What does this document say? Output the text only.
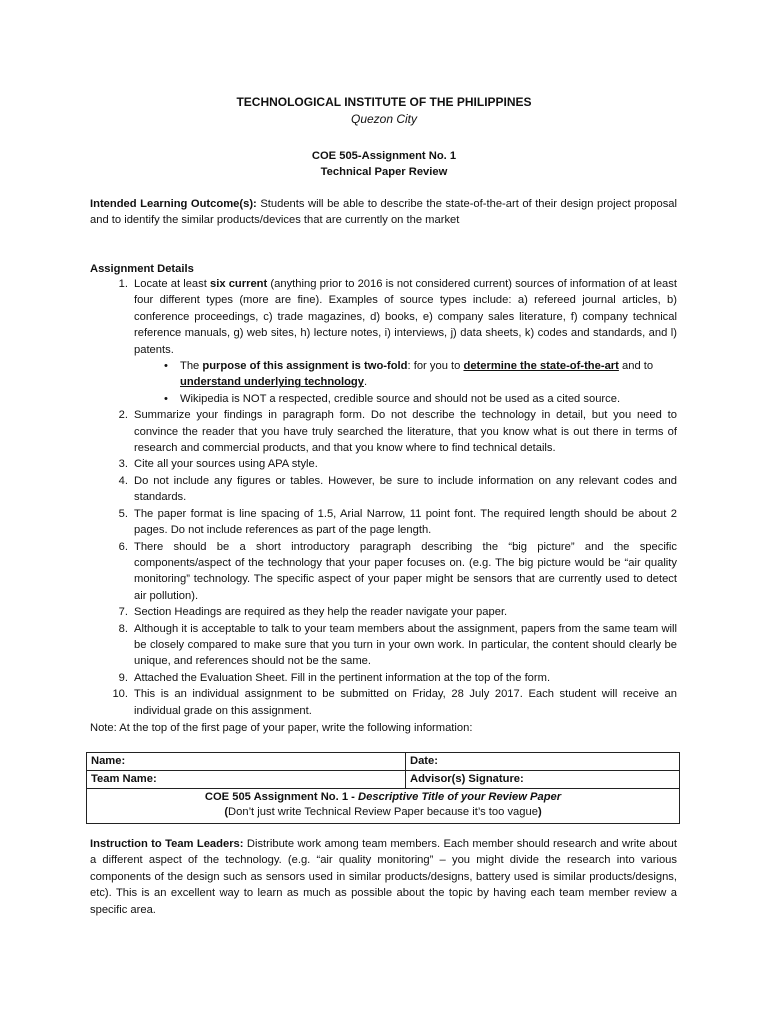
TECHNOLOGICAL INSTITUTE OF THE PHILIPPINES
Quezon City
COE 505-Assignment No. 1
Technical Paper Review
Intended Learning Outcome(s): Students will be able to describe the state-of-the-art of their design project proposal and to identify the similar products/devices that are currently on the market
Assignment Details
1. Locate at least six current (anything prior to 2016 is not considered current) sources of information of at least four different types (more are fine). Examples of source types include: a) refereed journal articles, b) conference proceedings, c) trade magazines, d) books, e) company sales literature, f) company technical reference manuals, g) web sites, h) lecture notes, i) interviews, j) data sheets, k) codes and standards, and l) patents.
• The purpose of this assignment is two-fold: for you to determine the state-of-the-art and to understand underlying technology.
• Wikipedia is NOT a respected, credible source and should not be used as a cited source.
2. Summarize your findings in paragraph form. Do not describe the technology in detail, but you need to convince the reader that you have truly searched the literature, that you know what is out there in terms of research and commercial products, and that you know where to find technical details.
3. Cite all your sources using APA style.
4. Do not include any figures or tables. However, be sure to include information on any relevant codes and standards.
5. The paper format is line spacing of 1.5, Arial Narrow, 11 point font. The required length should be about 2 pages. Do not include references as part of the page length.
6. There should be a short introductory paragraph describing the “big picture” and the specific components/aspect of the technology that your paper focuses on. (e.g. The big picture would be “air quality monitoring” technology. The specific aspect of your paper might be sensors that are currently used to detect air pollution).
7. Section Headings are required as they help the reader navigate your paper.
8. Although it is acceptable to talk to your team members about the assignment, papers from the same team will be closely compared to make sure that you turn in your own work. In particular, the content should clearly be unique, and references should not be the same.
9. Attached the Evaluation Sheet. Fill in the pertinent information at the top of the form.
10. This is an individual assignment to be submitted on Friday, 28 July 2017. Each student will receive an individual grade on this assignment.
Note: At the top of the first page of your paper, write the following information:
Name:	Date:
Team Name:	Advisor(s) Signature:
COE 505 Assignment No. 1 - Descriptive Title of your Review Paper
(Don’t just write Technical Review Paper because it’s too vague)	
Instruction to Team Leaders: Distribute work among team members. Each member should research and write about a different aspect of the technology. (e.g. “air quality monitoring” – you might divide the research into various components of the design such as sensors used in similar products/designs, battery used is similar products/designs, etc). This is an excellent way to learn as much as possible about the topic by having each team member review a specific area.
